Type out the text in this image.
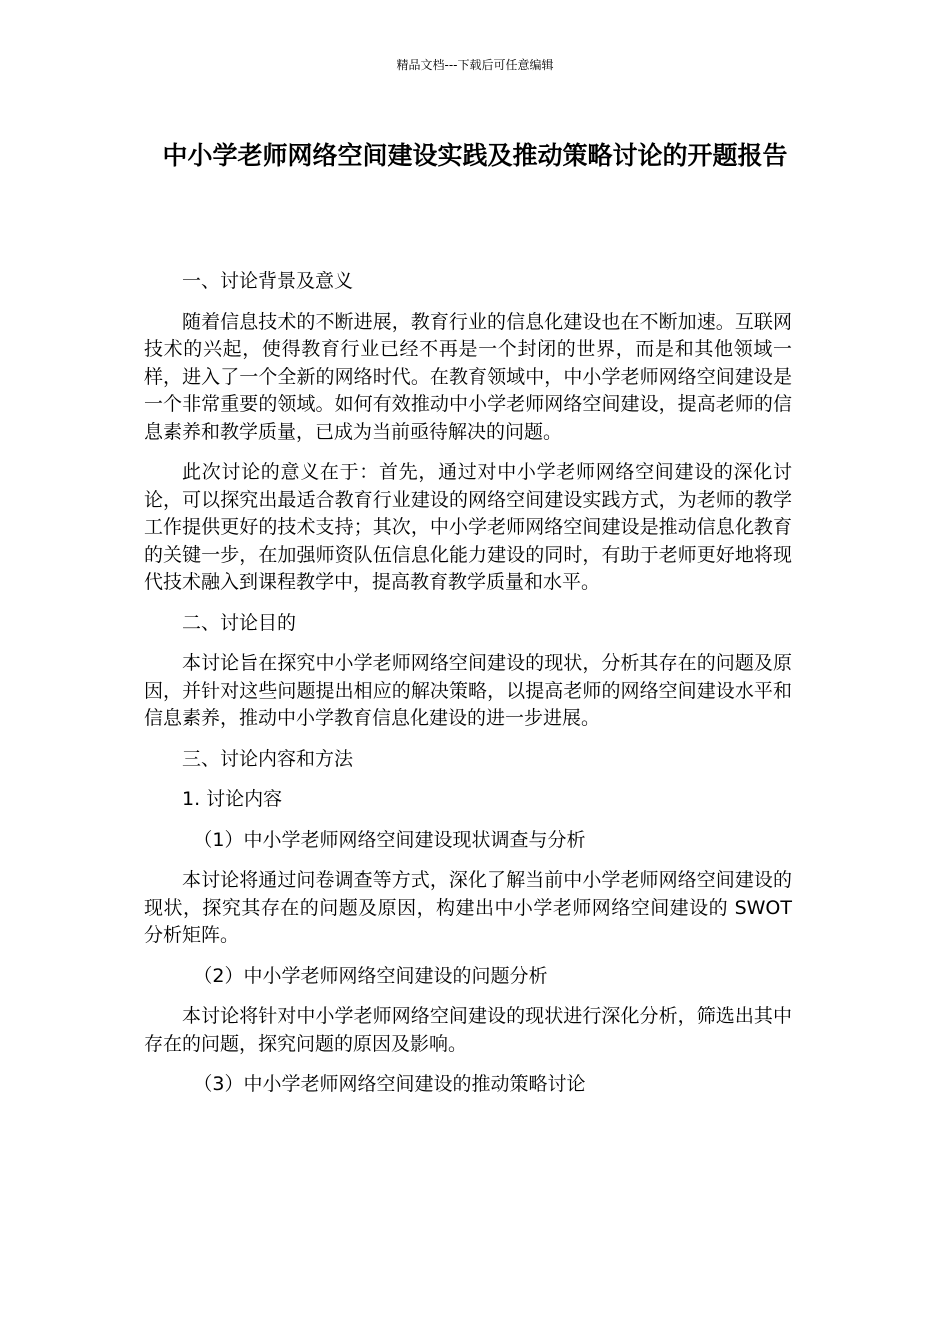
精品文档---下载后可任意编辑
中小学老师网络空间建设实践及推动策略讨论的开题报告

一、讨论背景及意义

随着信息技术的不断进展，教育行业的信息化建设也在不断加速。互联网技术的兴起，使得教育行业已经不再是一个封闭的世界，而是和其他领域一样，进入了一个全新的网络时代。在教育领域中，中小学老师网络空间建设是一个非常重要的领域。如何有效推动中小学老师网络空间建设，提高老师的信息素养和教学质量，已成为当前亟待解决的问题。

此次讨论的意义在于：首先，通过对中小学老师网络空间建设的深化讨论，可以探究出最适合教育行业建设的网络空间建设实践方式，为老师的教学工作提供更好的技术支持；其次，中小学老师网络空间建设是推动信息化教育的关键一步，在加强师资队伍信息化能力建设的同时，有助于老师更好地将现代技术融入到课程教学中，提高教育教学质量和水平。

二、讨论目的

本讨论旨在探究中小学老师网络空间建设的现状，分析其存在的问题及原因，并针对这些问题提出相应的解决策略，以提高老师的网络空间建设水平和信息素养，推动中小学教育信息化建设的进一步进展。

三、讨论内容和方法

1. 讨论内容

（1）中小学老师网络空间建设现状调查与分析

本讨论将通过问卷调查等方式，深化了解当前中小学老师网络空间建设的现状，探究其存在的问题及原因，构建出中小学老师网络空间建设的 SWOT 分析矩阵。

（2）中小学老师网络空间建设的问题分析

本讨论将针对中小学老师网络空间建设的现状进行深化分析，筛选出其中存在的问题，探究问题的原因及影响。

（3）中小学老师网络空间建设的推动策略讨论
